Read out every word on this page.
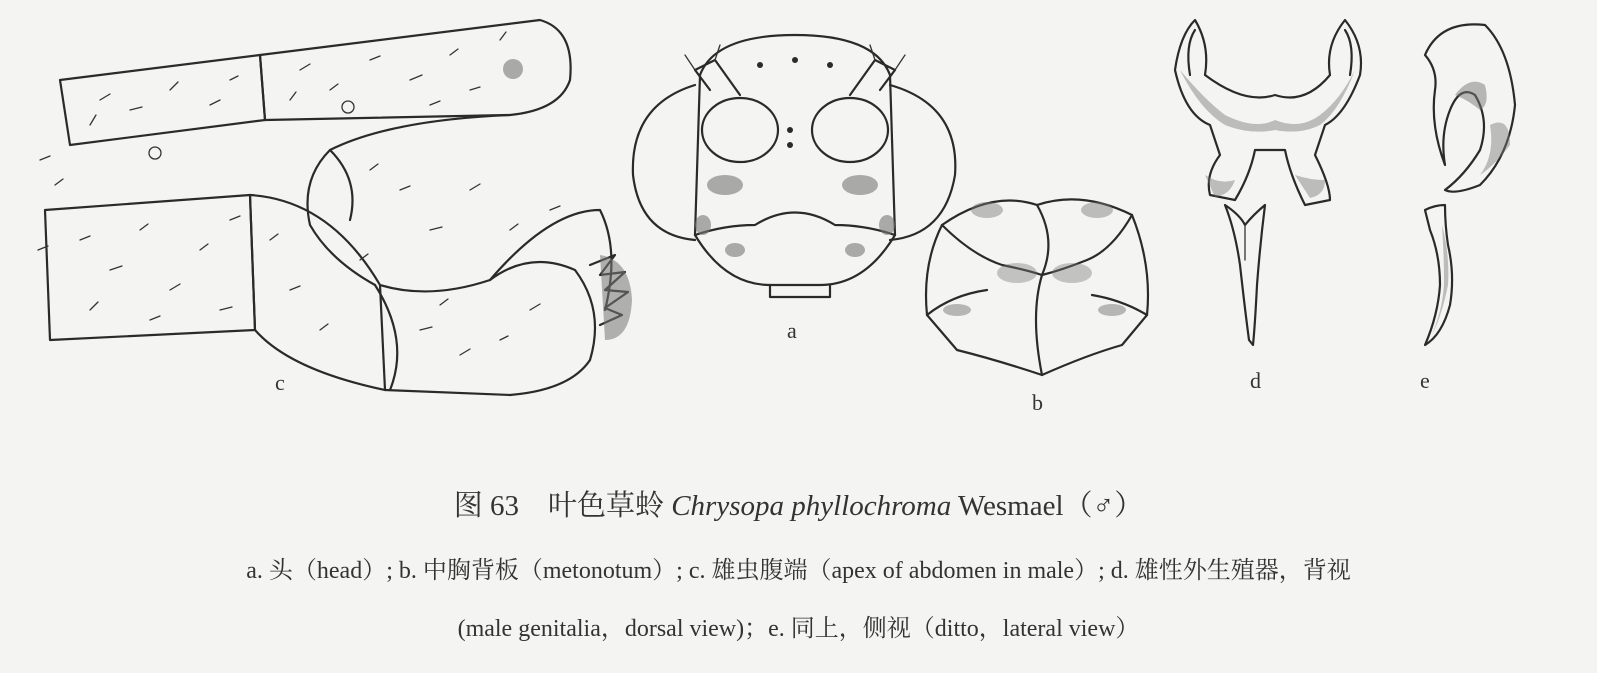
c
a
b
d	e
图 63　叶色草蛉 Chrysopa phyllochroma Wesmael（♂）
a. 头（head）; b. 中胸背板（metonotum）; c. 雄虫腹端（apex of abdomen in male）; d. 雄性外生殖器，背视
(male genitalia，dorsal view)；e. 同上，侧视（ditto，lateral view）
